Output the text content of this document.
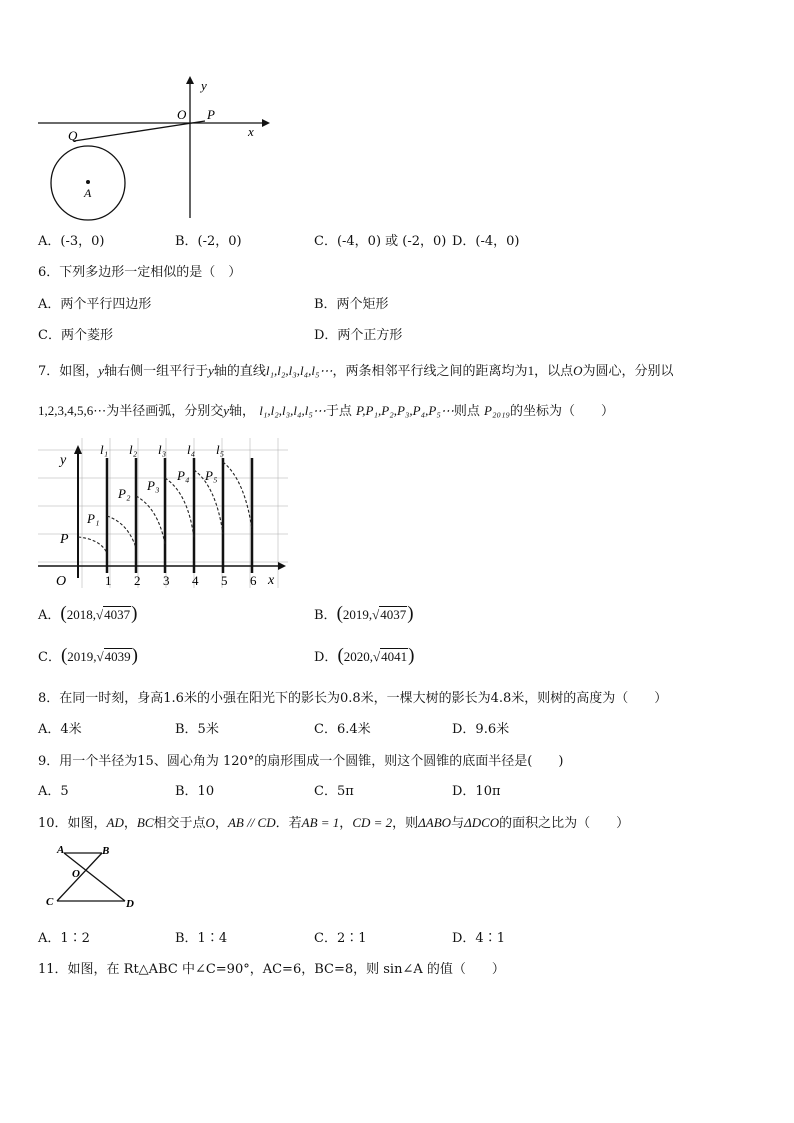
y
x
O P
Q
A
A．(-3，0)	B．(-2，0)	C．(-4，0) 或 (-2，0) D．(-4，0)
6．下列多边形一定相似的是（　）
A．两个平行四边形	B．两个矩形
C．两个菱形	D．两个正方形
7．如图，y轴右侧一组平行于y轴的直线l₁,l₂,l₃,l₄,l₅⋯，两条相邻平行线之间的距离均为1，以点O为圆心，分别以
1,2,3,4,5,6⋯为半径画弧，分别交y轴， l₁,l₂,l₃,l₄,l₅⋯于点 P,P₁,P₂,P₃,P₄,P₅⋯则点 P₂₀₁₉的坐标为（　　）
y
x
O
P
l₁ l₂ l₃ l₄ l₅
P₁
P₂
P₃
P₄ P₅
1 2 3 4 5 6
A．(2018,√4037)	B．(2019,√4037)
C．(2019,√4039)	D．(2020,√4041)
8．在同一时刻，身高1.6米的小强在阳光下的影长为0.8米，一棵大树的影长为4.8米，则树的高度为（　　）
A．4米	B．5米	C．6.4米	D．9.6米
9．用一个半径为15、圆心角为 120°的扇形围成一个圆锥，则这个圆锥的底面半径是(　　)
A．5	B．10	C．5π	D．10π
10．如图，AD，BC相交于点O，AB // CD．若AB = 1，CD = 2，则ΔABO与ΔDCO的面积之比为（　　）
A	B
O
C	D
A．1∶2	B．1∶4	C．2∶1	D．4∶1
11．如图，在 Rt△ABC 中∠C=90°，AC=6，BC=8，则 sin∠A 的值（　　）
